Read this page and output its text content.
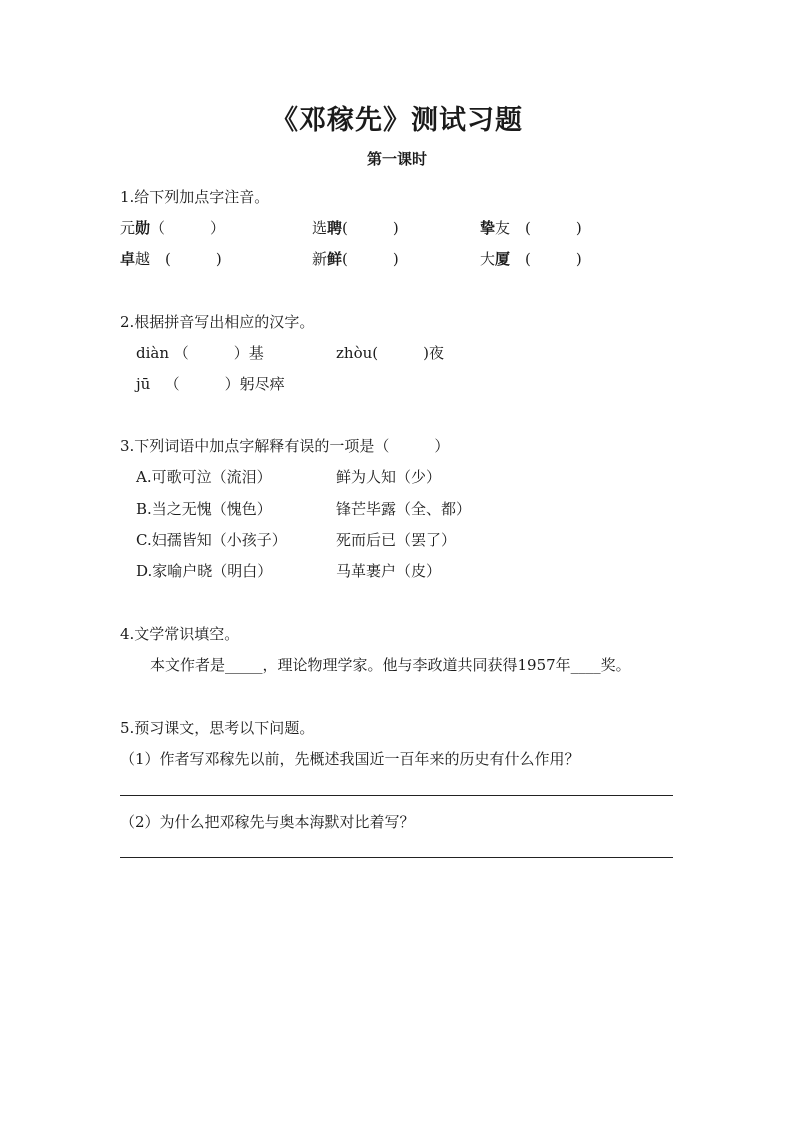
《邓稼先》测试习题
第一课时
1.给下列加点字注音。
元勋（　　　）	选聘(　　　)	挚友　(　　　)
卓越　(　　　)	新鲜(　　　)	大厦　(　　　)
2.根据拼音写出相应的汉字。
diàn （　　　）基	zhòu(　　　)夜
jū （　　　）躬尽瘁
3.下列词语中加点字解释有误的一项是（　　　）
A.可歌可泣（流泪）	鲜为人知（少）
B.当之无愧（愧色）	锋芒毕露（全、都）
C.妇孺皆知（小孩子）	死而后已（罢了）
D.家喻户晓（明白）	马革裹户（皮）
4.文学常识填空。
本文作者是_____，理论物理学家。他与李政道共同获得1957年____奖。
5.预习课文，思考以下问题。
（1）作者写邓稼先以前，先概述我国近一百年来的历史有什么作用？
（2）为什么把邓稼先与奥本海默对比着写？
